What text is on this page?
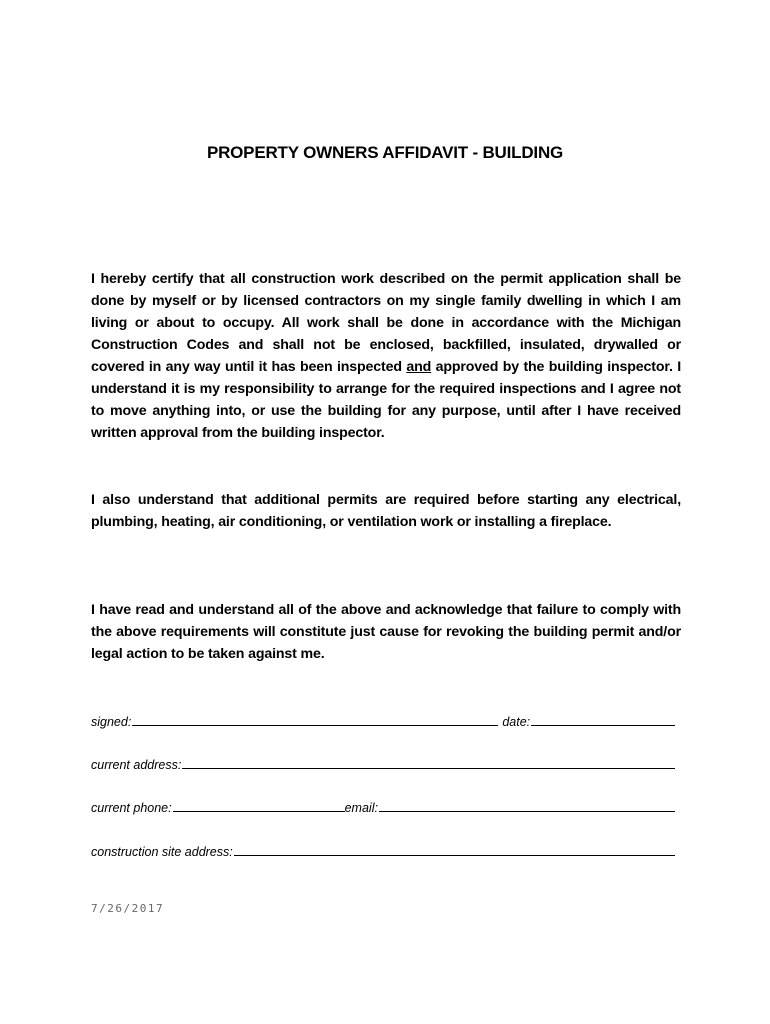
PROPERTY OWNERS AFFIDAVIT - BUILDING
I hereby certify that all construction work described on the permit application shall be done by myself or by licensed contractors on my single family dwelling in which I am living or about to occupy. All work shall be done in accordance with the Michigan Construction Codes and shall not be enclosed, backfilled, insulated, drywalled or covered in any way until it has been inspected and approved by the building inspector. I understand it is my responsibility to arrange for the required inspections and I agree not to move anything into, or use the building for any purpose, until after I have received written approval from the building inspector.
I also understand that additional permits are required before starting any electrical, plumbing, heating, air conditioning, or ventilation work or installing a fireplace.
I have read and understand all of the above and acknowledge that failure to comply with the above requirements will constitute just cause for revoking the building permit and/or legal action to be taken against me.
signed:	date:
current address:
current phone:	email:
construction site address:
7/26/2017
